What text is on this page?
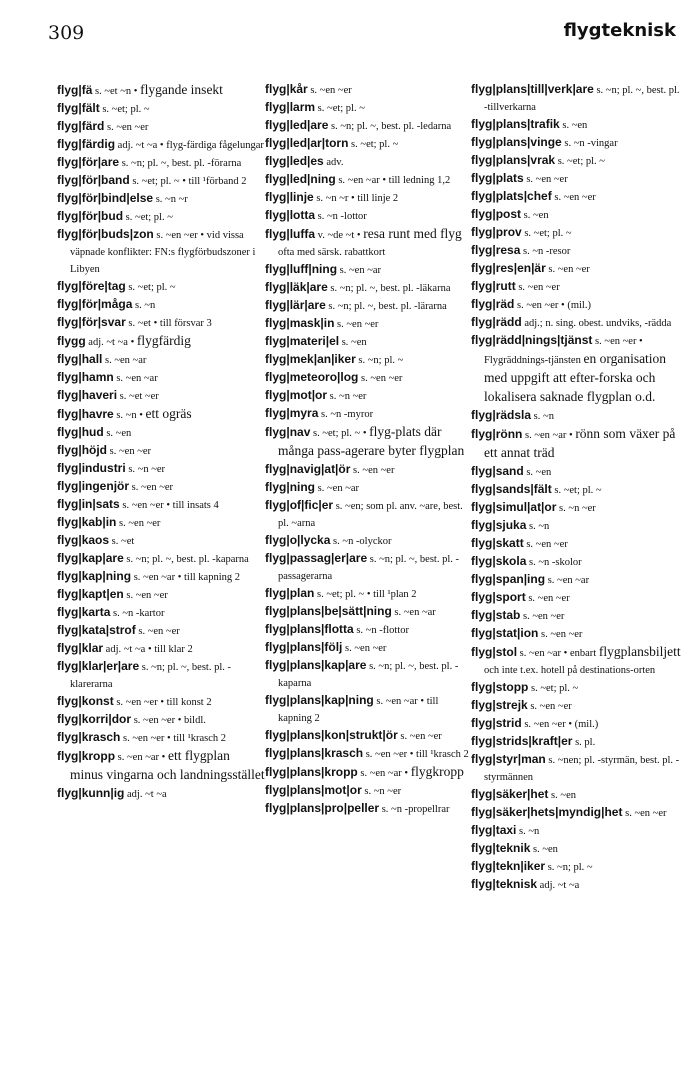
309	flygteknisk

flyg|fä s. ~et ~n • flygande insekt

flyg|fält s. ~et; pl. ~

flyg|färd s. ~en ~er

flyg|färdig adj. ~t ~a • flyg-färdiga fågelungar

flyg|för|are s. ~n; pl. ~, best. pl. -förarna

flyg|för|band s. ~et; pl. ~ • till ¹förband 2

flyg|för|bind|else s. ~n ~r

flyg|för|bud s. ~et; pl. ~

flyg|för|buds|zon s. ~en ~er • vid vissa väpnade konflikter: FN:s flygförbudszoner i Libyen

flyg|före|tag s. ~et; pl. ~

flyg|för|måga s. ~n

flyg|för|svar s. ~et • till försvar 3

flygg adj. ~t ~a • flygfärdig

flyg|hall s. ~en ~ar

flyg|hamn s. ~en ~ar

flyg|haveri s. ~et ~er

flyg|havre s. ~n • ett ogräs

flyg|hud s. ~en

flyg|höjd s. ~en ~er

flyg|industri s. ~n ~er

flyg|ingenjör s. ~en ~er

flyg|in|sats s. ~en ~er • till insats 4

flyg|kab|in s. ~en ~er

flyg|kaos s. ~et

flyg|kap|are s. ~n; pl. ~, best. pl. -kaparna

flyg|kap|ning s. ~en ~ar • till kapning 2

flyg|kapt|en s. ~en ~er

flyg|karta s. ~n -kartor

flyg|kata|strof s. ~en ~er

flyg|klar adj. ~t ~a • till klar 2

flyg|klar|er|are s. ~n; pl. ~, best. pl. -klarerarna

flyg|konst s. ~en ~er • till konst 2

flyg|korri|dor s. ~en ~er • bildl.

flyg|krasch s. ~en ~er • till ¹krasch 2

flyg|kropp s. ~en ~ar • ett flygplan minus vingarna och landningsstället

flyg|kunn|ig adj. ~t ~a

flyg|kår s. ~en ~er

flyg|larm s. ~et; pl. ~

flyg|led|are s. ~n; pl. ~, best. pl. -ledarna

flyg|led|ar|torn s. ~et; pl. ~

flyg|led|es adv.

flyg|led|ning s. ~en ~ar • till ledning 1,2

flyg|linje s. ~n ~r • till linje 2

flyg|lotta s. ~n -lottor

flyg|luffa v. ~de ~t • resa runt med flyg ofta med särsk. rabattkort

flyg|luff|ning s. ~en ~ar

flyg|läk|are s. ~n; pl. ~, best. pl. -läkarna

flyg|lär|are s. ~n; pl. ~, best. pl. -lärarna

flyg|mask|in s. ~en ~er

flyg|materi|el s. ~en

flyg|mek|an|iker s. ~n; pl. ~

flyg|meteoro|log s. ~en ~er

flyg|mot|or s. ~n ~er

flyg|myra s. ~n -myror

flyg|nav s. ~et; pl. ~ • flyg-plats där många pass-agerare byter flygplan

flyg|navig|at|ör s. ~en ~er

flyg|ning s. ~en ~ar

flyg|of|fic|er s. ~en; som pl. anv. ~are, best. pl. ~arna

flyg|o|lycka s. ~n -olyckor

flyg|passag|er|are s. ~n; pl. ~, best. pl. -passagerarna

flyg|plan s. ~et; pl. ~ • till ¹plan 2

flyg|plans|be|sätt|ning s. ~en ~ar

flyg|plans|flotta s. ~n -flottor

flyg|plans|följ s. ~en ~er

flyg|plans|kap|are s. ~n; pl. ~, best. pl. -kaparna

flyg|plans|kap|ning s. ~en ~ar • till kapning 2

flyg|plans|kon|strukt|ör s. ~en ~er

flyg|plans|krasch s. ~en ~er • till ¹krasch 2

flyg|plans|kropp s. ~en ~ar • flygkropp

flyg|plans|mot|or s. ~n ~er

flyg|plans|pro|peller s. ~n -propellrar

flyg|plans|till|verk|are s. ~n; pl. ~, best. pl. -tillverkarna

flyg|plans|trafik s. ~en

flyg|plans|vinge s. ~n -vingar

flyg|plans|vrak s. ~et; pl. ~

flyg|plats s. ~en ~er

flyg|plats|chef s. ~en ~er

flyg|post s. ~en

flyg|prov s. ~et; pl. ~

flyg|resa s. ~n -resor

flyg|res|en|är s. ~en ~er

flyg|rutt s. ~en ~er

flyg|räd s. ~en ~er • (mil.)

flyg|rädd adj.; n. sing. obest. undviks, -rädda

flyg|rädd|nings|tjänst s. ~en ~er • Flygräddnings-tjänsten en organisation med uppgift att efter-forska och lokalisera saknade flygplan o.d.

flyg|rädsla s. ~n

flyg|rönn s. ~en ~ar • rönn som växer på ett annat träd

flyg|sand s. ~en

flyg|sands|fält s. ~et; pl. ~

flyg|simul|at|or s. ~n ~er

flyg|sjuka s. ~n

flyg|skatt s. ~en ~er

flyg|skola s. ~n -skolor

flyg|span|ing s. ~en ~ar

flyg|sport s. ~en ~er

flyg|stab s. ~en ~er

flyg|stat|ion s. ~en ~er

flyg|stol s. ~en ~ar • enbart flygplansbiljett och inte t.ex. hotell på destinations-orten

flyg|stopp s. ~et; pl. ~

flyg|strejk s. ~en ~er

flyg|strid s. ~en ~er • (mil.)

flyg|strids|kraft|er s. pl.

flyg|styr|man s. ~nen; pl. -styrmän, best. pl. -styrmännen

flyg|säker|het s. ~en

flyg|säker|hets|myndig|het s. ~en ~er

flyg|taxi s. ~n

flyg|teknik s. ~en

flyg|tekn|iker s. ~n; pl. ~

flyg|teknisk adj. ~t ~a
